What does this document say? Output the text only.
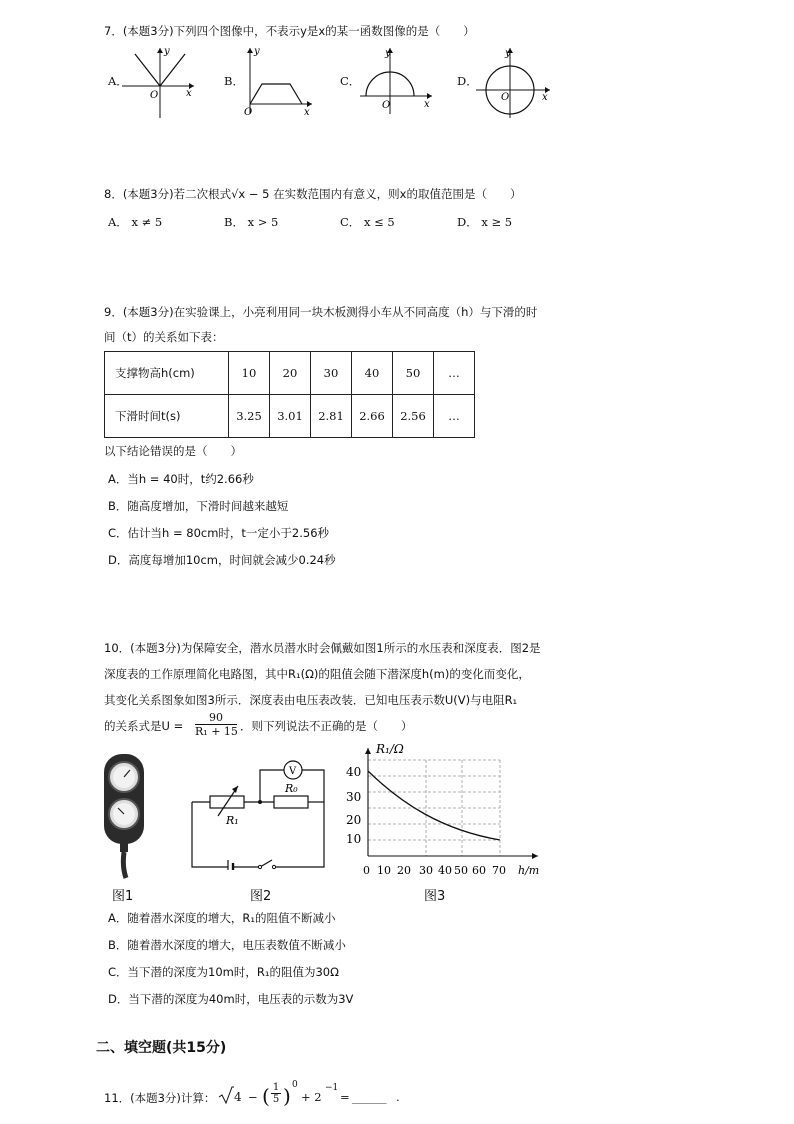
7．(本题3分)下列四个图像中，不表示y是x的某一函数图像的是（　　）
A．
y
x
O
B．
y
x
O
C．
y
x
O
D．
y
x
O
8．(本题3分)若二次根式√x − 5 在实数范围内有意义，则x的取值范围是（　　）
A． x ≠ 5	B． x > 5	C． x ≤ 5	D． x ≥ 5
9．(本题3分)在实验课上，小亮利用同一块木板测得小车从不同高度（h）与下滑的时
间（t）的关系如下表：
支撑物高h(cm)	10	20	30	40	50	…
下滑时间t(s)	3.25	3.01	2.81	2.66	2.56	…
以下结论错误的是（　　）
A．当h = 40时，t约2.66秒
B．随高度增加，下滑时间越来越短
C．估计当h = 80cm时，t一定小于2.56秒
D．高度每增加10cm，时间就会减少0.24秒
10．(本题3分)为保障安全，潜水员潜水时会佩戴如图1所示的水压表和深度表．图2是
深度表的工作原理简化电路图，其中R₁(Ω)的阻值会随下潜深度h(m)的变化而变化，
其变化关系图象如图3所示．深度表由电压表改装．已知电压表示数U(V)与电阻R₁
的关系式是$U = \frac{90}{\text{R₁ + 15}}$ ．则下列说法不正确的是（　　）
V
R₀
R₁
R₁/Ω
h/m
40
30
20
10
0 10 20 30 40 50 60 70
图1	图2	图3
A．随着潜水深度的增大，R₁的阻值不断减小
B．随着潜水深度的增大，电压表数值不断减小
C．当下潜的深度为10m时，R₁的阻值为30Ω
D．当下潜的深度为40m时，电压表的示数为3V
二、填空题(共15分)
11．(本题3分)计算： 4 − ( $\frac{1}{5}$ ) 0
+ 2
−1
= ______ .
